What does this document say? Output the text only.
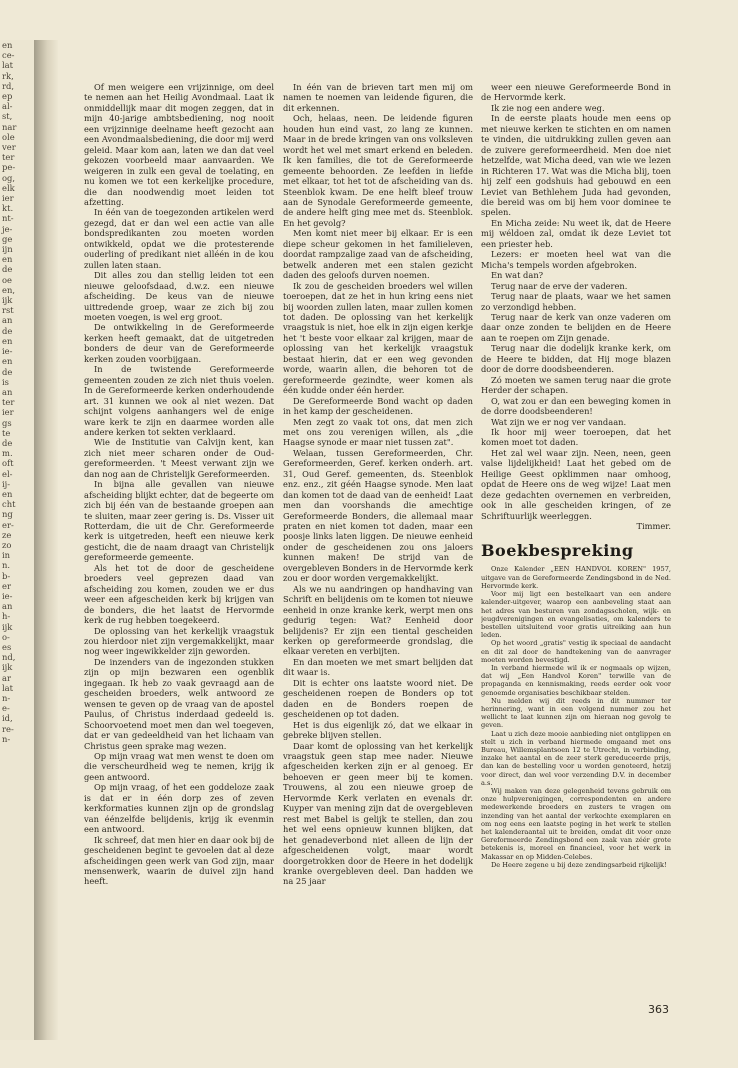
en
ce-
lat
rk,
rd,
ep
al-
st,
nar
ole
ver
ter
pe-
og,
elk
ier
kt.
nt-
je-
ge
ijn
en
de
oe
en,
ijk
rst
an
de
en
ie-
en
de
is
an
ter
ier
gs
te
de
m.
oft
el-
ij-
en
cht
ng
er-
ze
zo
in
n.
b-
er
ie-
an
h-
ijk
o-
es
nd,
ijk
ar
lat
n-
e-
id,
re-
n-

Of men weigere een vrijzinnige, om deel te nemen aan het Heilig Avondmaal. Laat ik onmiddellijk maar dit mogen zeggen, dat in mijn 40-jarige ambtsbediening, nog nooit een vrijzinnige deelname heeft gezocht aan een Avondmaalsbediening, die door mij werd geleid. Maar kom aan, laten we dan dat veel gekozen voorbeeld maar aanvaarden. We weigeren in zulk een geval de toelating, en nu komen we tot een kerkelijke procedure, die dan noodwendig moet leiden tot afzetting.

In één van de toegezonden artikelen werd gezegd, dat er dan wel een actie van alle bondspredikanten zou moeten worden ontwikkeld, opdat we die protesterende ouderling of predikant niet alléén in de kou zullen laten staan.

Dit alles zou dan stellig leiden tot een nieuwe geloofsdaad, d.w.z. een nieuwe afscheiding. De keus van de nieuwe uittredende groep, waar ze zich bij zou moeten voegen, is wel erg groot.

De ontwikkeling in de Gereformeerde kerken heeft gemaakt, dat de uitgetreden bonders de deur van de Gereformeerde kerken zouden voorbijgaan.

In de twistende Gereformeerde gemeenten zouden ze zich niet thuis voelen. In de Gereformeerde kerken onderhoudende art. 31 kunnen we ook al niet wezen. Dat schijnt volgens aanhangers wel de enige ware kerk te zijn en daarmee worden alle andere kerken tot sekten verklaard.

Wie de Institutie van Calvijn kent, kan zich niet meer scharen onder de Oud-gereformeerden. 't Meest verwant zijn we dan nog aan de Christelijk Gereformeerden.

In bijna alle gevallen van nieuwe afscheiding blijkt echter, dat de begeerte om zich bij één van de bestaande groepen aan te sluiten, maar zeer gering is. Ds. Visser uit Rotterdam, die uit de Chr. Gereformeerde kerk is uitgetreden, heeft een nieuwe kerk gesticht, die de naam draagt van Christelijk gereformeerde gemeente.

Als het tot de door de gescheidene broeders veel geprezen daad van afscheiding zou komen, zouden we er dus weer een afgescheiden kerk bij krijgen van de bonders, die het laatst de Hervormde kerk de rug hebben toegekeerd.

De oplossing van het kerkelijk vraagstuk zou hierdoor niet zijn vergemakkelijkt, maar nog weer ingewikkelder zijn geworden.

De inzenders van de ingezonden stukken zijn op mijn bezwaren een ogenblik ingegaan. Ik heb zo vaak gevraagd aan de gescheiden broeders, welk antwoord ze wensen te geven op de vraag van de apostel Paulus, of Christus inderdaad gedeeld is. Schoorvoetend moet men dan wel toegeven, dat er van gedeeldheid van het lichaam van Christus geen sprake mag wezen.

Op mijn vraag wat men wenst te doen om die verscheurdheid weg te nemen, krijg ik geen antwoord.

Op mijn vraag, of het een goddeloze zaak is dat er in één dorp zes of zeven kerkformaties kunnen zijn op de grondslag van éénzelfde belijdenis, krijg ik evenmin een antwoord.

Ik schreef, dat men hier en daar ook bij de gescheidenen begint te gevoelen dat al deze afscheidingen geen werk van God zijn, maar mensenwerk, waarin de duivel zijn hand heeft.

In één van de brieven tart men mij om namen te noemen van leidende figuren, die dit erkennen.

Och, helaas, neen. De leidende figuren houden hun eind vast, zo lang ze kunnen. Maar in de brede kringen van ons volksleven wordt het wel met smart erkend en beleden. Ik ken families, die tot de Gereformeerde gemeente behoorden. Ze leefden in liefde met elkaar, tot het tot de afscheiding van ds. Steenblok kwam. De ene helft bleef trouw aan de Synodale Gereformeerde gemeente, de andere helft ging mee met ds. Steenblok. En het gevolg?

Men komt niet meer bij elkaar. Er is een diepe scheur gekomen in het familieleven, doordat rampzalige zaad van de afscheiding, betwelk anderen met een stalen gezicht daden des geloofs durven noemen.

Ik zou de gescheiden broeders wel willen toeroepen, dat ze het in hun kring eens niet bij woorden zullen laten, maar zullen komen tot daden. De oplossing van het kerkelijk vraagstuk is niet, hoe elk in zijn eigen kerkje het 't beste voor elkaar zal krijgen, maar de oplossing van het kerkelijk vraagstuk bestaat hierin, dat er een weg gevonden worde, waarin allen, die behoren tot de gereformeerde gezindte, weer komen als één kudde onder één herder.

De Gereformeerde Bond wacht op daden in het kamp der gescheidenen.

Men zegt zo vaak tot ons, dat men zich met ons zou verenigen willen, als „die Haagse synode er maar niet tussen zat".

Welaan, tussen Gereformeerden, Chr. Gereformeerden, Geref. kerken onderh. art. 31, Oud Geref. gemeenten, ds. Steenblok enz. enz., zit géén Haagse synode. Men laat dan komen tot de daad van de eenheid! Laat men dan voorshands die amechtige Gereformeerde Bonders, die allemaal maar praten en niet komen tot daden, maar een poosje links laten liggen. De nieuwe eenheid onder de gescheidenen zou ons jaloers kunnen maken! De strijd van de overgebleven Bonders in de Hervormde kerk zou er door worden vergemakkelijkt.

Als we nu aandringen op handhaving van Schrift en belijdenis om te komen tot nieuwe eenheid in onze kranke kerk, werpt men ons gedurig tegen: Wat? Eenheid door belijdenis? Er zijn een tiental gescheiden kerken op gereformeerde grondslag, die elkaar vereten en verbijten.

En dan moeten we met smart belijden dat dit waar is.

Dit is echter ons laatste woord niet. De gescheidenen roepen de Bonders op tot daden en de Bonders roepen de gescheidenen op tot daden.

Het is dus eigenlijk zó, dat we elkaar in gebreke blijven stellen.

Daar komt de oplossing van het kerkelijk vraagstuk geen stap mee nader. Nieuwe afgescheiden kerken zijn er al genoeg. Er behoeven er geen meer bij te komen. Trouwens, al zou een nieuwe groep de Hervormde Kerk verlaten en evenals dr. Kuyper van mening zijn dat de overgebleven rest met Babel is gelijk te stellen, dan zou het wel eens opnieuw kunnen blijken, dat het genadeverbond niet alleen de lijn der afgescheidenen volgt, maar wordt doorgetrokken door de Heere in het dodelijk kranke overgebleven deel. Dan hadden we na 25 jaar

weer een nieuwe Gereformeerde Bond in de Hervormde kerk.

Ik zie nog een andere weg.

In de eerste plaats houde men eens op met nieuwe kerken te stichten en om namen te vinden, die uitdrukking zullen geven aan de zuivere gereformeerdheid. Men doe niet hetzelfde, wat Micha deed, van wie we lezen in Richteren 17. Wat was die Micha blij, toen hij zelf een godshuis had gebouwd en een Leviet van Bethlehem Juda had gevonden, die bereid was om bij hem voor dominee te spelen.

En Micha zeide: Nu weet ik, dat de Heere mij wéldoen zal, omdat ik deze Leviet tot een priester heb.

Lezers: er moeten heel wat van die Micha's tempels worden afgebroken.

En wat dan?

Terug naar de erve der vaderen.

Terug naar de plaats, waar we het samen zo verzondigd hebben.

Terug naar de kerk van onze vaderen om daar onze zonden te belijden en de Heere aan te roepen om Zijn genade.

Terug naar die dodelijk kranke kerk, om de Heere te bidden, dat Hij moge blazen door de dorre doodsbeenderen.

Zó moeten we samen terug naar die grote Herder der schapen.

O, wat zou er dan een beweging komen in de dorre doodsbeenderen!

Wat zijn we er nog ver vandaan.

Ik hoor mij weer toeroepen, dat het komen moet tot daden.

Het zal wel waar zijn. Neen, neen, geen valse lijdelijkheid! Laat het gebed om de Heilige Geest opklimmen naar omhoog, opdat de Heere ons de weg wijze! Laat men deze gedachten overnemen en verbreiden, ook in alle gescheiden kringen, of ze Schriftuurlijk weerleggen.

Timmer.

Boekbespreking

Onze Kalender „EEN HANDVOL KOREN" 1957, uitgave van de Gereformeerde Zendingsbond in de Ned. Hervormde kerk.

Voor mij ligt een bestelkaart van een andere kalender-uitgever, waarop een aanbeveling staat aan het adres van besturen van zondagsscholen, wijk- en jeugdverenigingen en evangelisaties, om kalenders te bestellen uitsluitend voor gratis uitreiking aan hun leden.

Op het woord „gratis" vestig ik speciaal de aandacht en dit zal door de handtekening van de aanvrager moeten worden bevestigd.

In verband hiermede wil ik er nogmaals op wijzen, dat wij „Een Handvol Koren" terwille van de propaganda en kennismaking, reeds eerder ook voor genoemde organisaties beschikbaar stelden.

Nu melden wij dit reeds in dit nummer ter herinnering, want in een volgend nummer zou het wellicht te laat kunnen zijn om hieraan nog gevolg te geven.

Laat u zich deze mooie aanbieding niet ontglippen en stelt u zich in verband hiermede omgaand met ons Bureau, Willemsplantsoen 12 te Utrecht, in verbinding, inzake het aantal en de zeer sterk gereduceerde prijs, dan kan de bestelling voor u worden genoteerd, hetzij voor direct, dan wel voor verzending D.V. in december a.s.

Wij maken van deze gelegenheid tevens gebruik om onze hulpverenigingen, correspondenten en andere medewerkende broeders en zusters te vragen om inzending van het aantal der verkochte exemplaren en om nog eens een laatste poging in het werk te stellen het kalenderaantal uit te breiden, omdat dit voor onze Gereformeerde Zendingsbond een zaak van zéér grote betekenis is, moreel en financieel, voor het werk in Makassar en op Midden-Celebes.

De Heere zegene u bij deze zendingsarbeid rijkelijk!

363
